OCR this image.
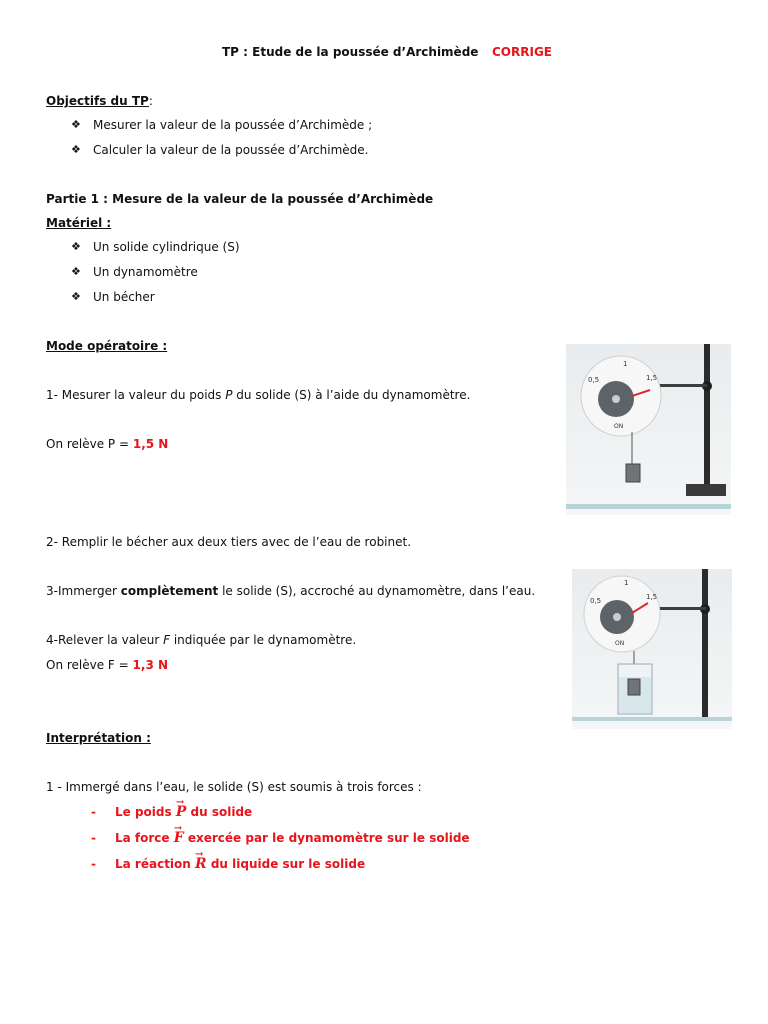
TP : Etude de la poussée d’Archimède CORRIGE
Objectifs du TP:
❖ Mesurer la valeur de la poussée d’Archimède ;
❖ Calculer la valeur de la poussée d’Archimède.
Partie 1 : Mesure de la valeur de la poussée d’Archimède
Matériel :
❖ Un solide cylindrique (S)
❖ Un dynamomètre
❖ Un bécher
Mode opératoire :
1- Mesurer la valeur du poids P du solide (S) à l’aide du dynamomètre.
On relève P = 1,5 N
2- Remplir le bécher aux deux tiers avec de l’eau de robinet.
3-Immerger complètement le solide (S), accroché au dynamomètre, dans l’eau.
4-Relever la valeur F indiquée par le dynamomètre.
On relève F = 1,3 N
Interprétation :
1 - Immergé dans l’eau, le solide (S) est soumis à trois forces :
- Le poids → P du solide
- La force → F exercée par le dynamomètre sur le solide
- La réaction → R du liquide sur le solide
0,5
1
1,5
ON
0,5
1
1,5
ON
